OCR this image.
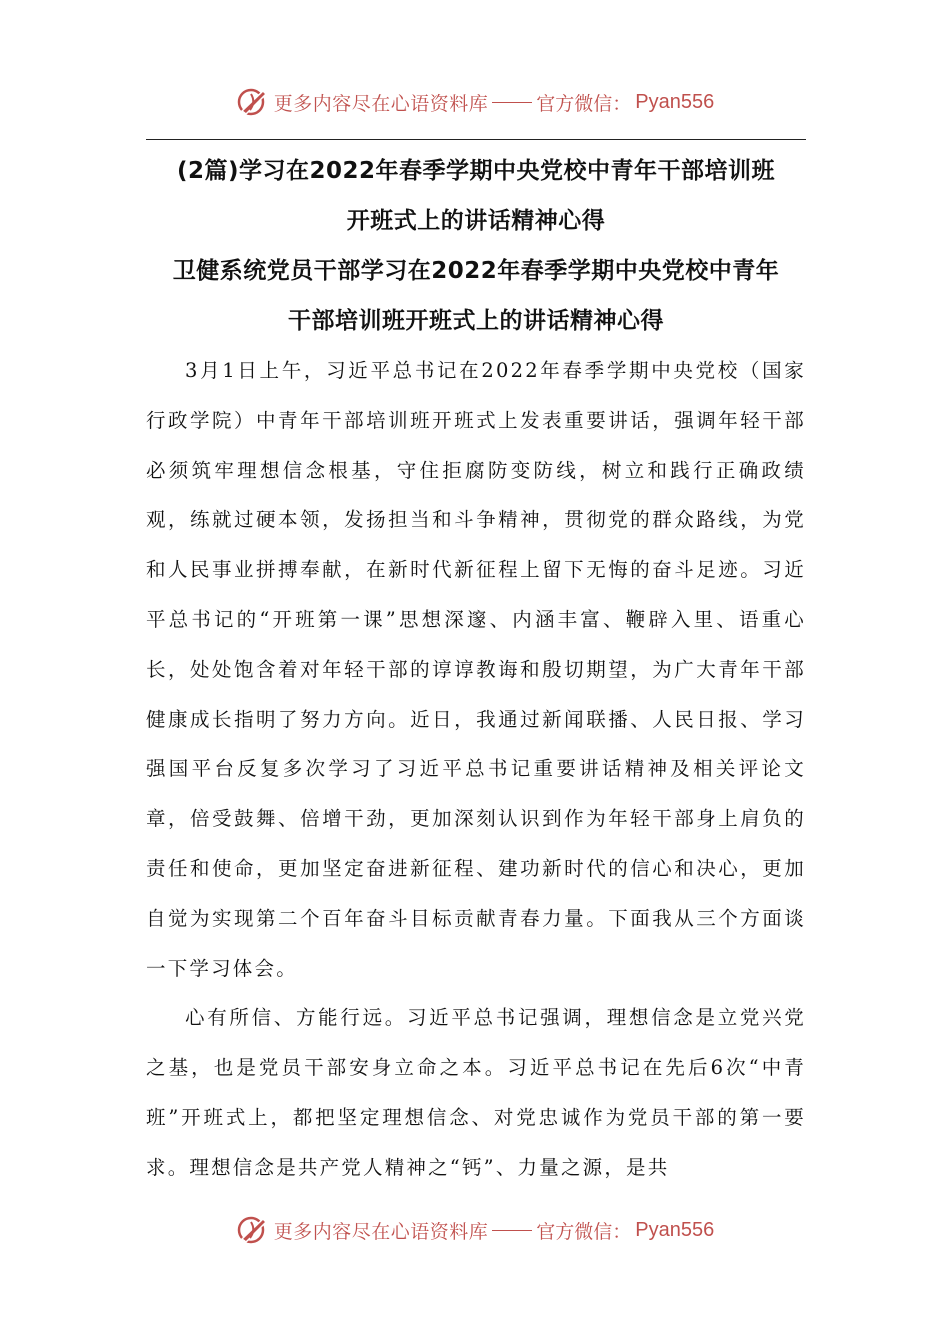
更多内容尽在心语资料库	官方微信： Pyan556

(2篇)学习在2022年春季学期中央党校中青年干部培训班

开班式上的讲话精神心得

卫健系统党员干部学习在2022年春季学期中央党校中青年

干部培训班开班式上的讲话精神心得

3月1日上午，习近平总书记在2022年春季学期中央党校（国家行政学院）中青年干部培训班开班式上发表重要讲话，强调年轻干部必须筑牢理想信念根基，守住拒腐防变防线，树立和践行正确政绩观，练就过硬本领，发扬担当和斗争精神，贯彻党的群众路线，为党和人民事业拼搏奉献，在新时代新征程上留下无悔的奋斗足迹。习近平总书记的“开班第一课”思想深邃、内涵丰富、鞭辟入里、语重心长，处处饱含着对年轻干部的谆谆教诲和殷切期望，为广大青年干部健康成长指明了努力方向。近日，我通过新闻联播、人民日报、学习强国平台反复多次学习了习近平总书记重要讲话精神及相关评论文章，倍受鼓舞、倍增干劲，更加深刻认识到作为年轻干部身上肩负的责任和使命，更加坚定奋进新征程、建功新时代的信心和决心，更加自觉为实现第二个百年奋斗目标贡献青春力量。下面我从三个方面谈一下学习体会。

心有所信、方能行远。习近平总书记强调，理想信念是立党兴党之基，也是党员干部安身立命之本。习近平总书记在先后6次“中青班”开班式上，都把坚定理想信念、对党忠诚作为党员干部的第一要求。理想信念是共产党人精神之“钙”、力量之源，是共

更多内容尽在心语资料库	官方微信： Pyan556
